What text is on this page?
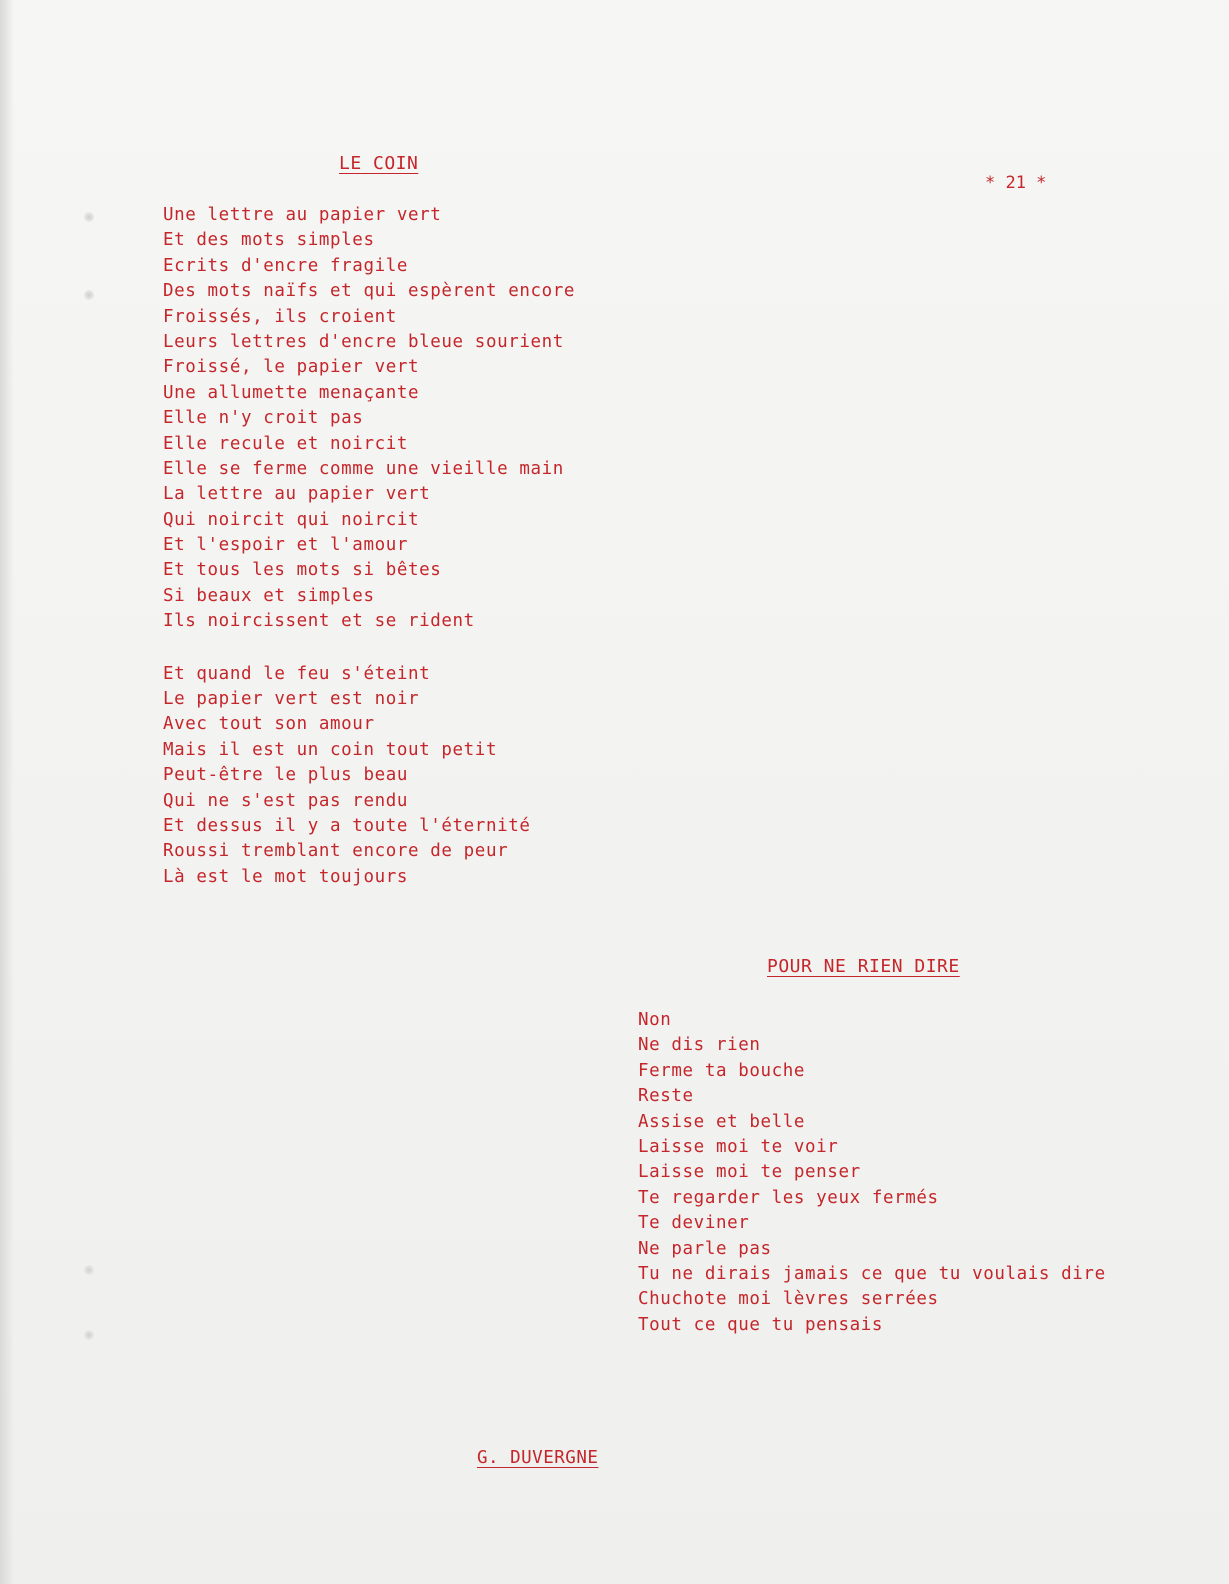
* 21 *
LE COIN
Une lettre au papier vert
Et des mots simples
Ecrits d'encre fragile
Des mots naïfs et qui espèrent encore
Froissés, ils croient
Leurs lettres d'encre bleue sourient
Froissé, le papier vert
Une allumette menaçante
Elle n'y croit pas
Elle recule et noircit
Elle se ferme comme une vieille main
La lettre au papier vert
Qui noircit qui noircit
Et l'espoir et l'amour
Et tous les mots si bêtes
Si beaux et simples
Ils noircissent et se rident
Et quand le feu s'éteint
Le papier vert est noir
Avec tout son amour
Mais il est un coin tout petit
Peut-être le plus beau
Qui ne s'est pas rendu
Et dessus il y a toute l'éternité
Roussi tremblant encore de peur
Là est le mot toujours
POUR NE RIEN DIRE
Non
Ne dis rien
Ferme ta bouche
Reste
Assise et belle
Laisse moi te voir
Laisse moi te penser
Te regarder les yeux fermés
Te deviner
Ne parle pas
Tu ne dirais jamais ce que tu voulais dire
Chuchote moi lèvres serrées
Tout ce que tu pensais
G. DUVERGNE
